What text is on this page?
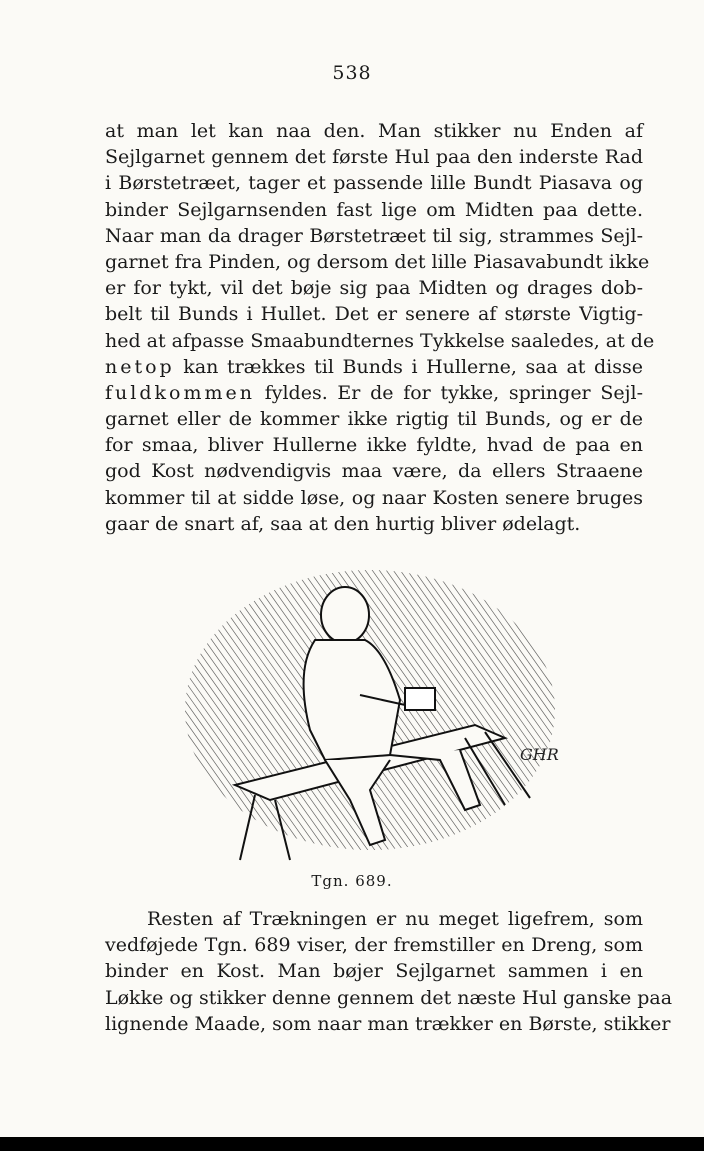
538
at man let kan naa den. Man stikker nu Enden af
Sejlgarnet gennem det første Hul paa den inderste Rad
i Børstetræet, tager et passende lille Bundt Piasava og
binder Sejlgarnsenden fast lige om Midten paa dette.
Naar man da drager Børstetræet til sig, strammes Sejl-
garnet fra Pinden, og dersom det lille Piasavabundt ikke
er for tykt, vil det bøje sig paa Midten og drages dob-
belt til Bunds i Hullet. Det er senere af største Vigtig-
hed at afpasse Smaabundternes Tykkelse saaledes, at de
netop kan trækkes til Bunds i Hullerne, saa at disse
fuldkommen fyldes. Er de for tykke, springer Sejl-
garnet eller de kommer ikke rigtig til Bunds, og er de
for smaa, bliver Hullerne ikke fyldte, hvad de paa en
god Kost nødvendigvis maa være, da ellers Straaene
kommer til at sidde løse, og naar Kosten senere bruges
gaar de snart af, saa at den hurtig bliver ødelagt.
GHR
Tgn. 689.
Resten af Trækningen er nu meget ligefrem, som
vedføjede Tgn. 689 viser, der fremstiller en Dreng, som
binder en Kost. Man bøjer Sejlgarnet sammen i en
Løkke og stikker denne gennem det næste Hul ganske paa
lignende Maade, som naar man trækker en Børste, stikker
